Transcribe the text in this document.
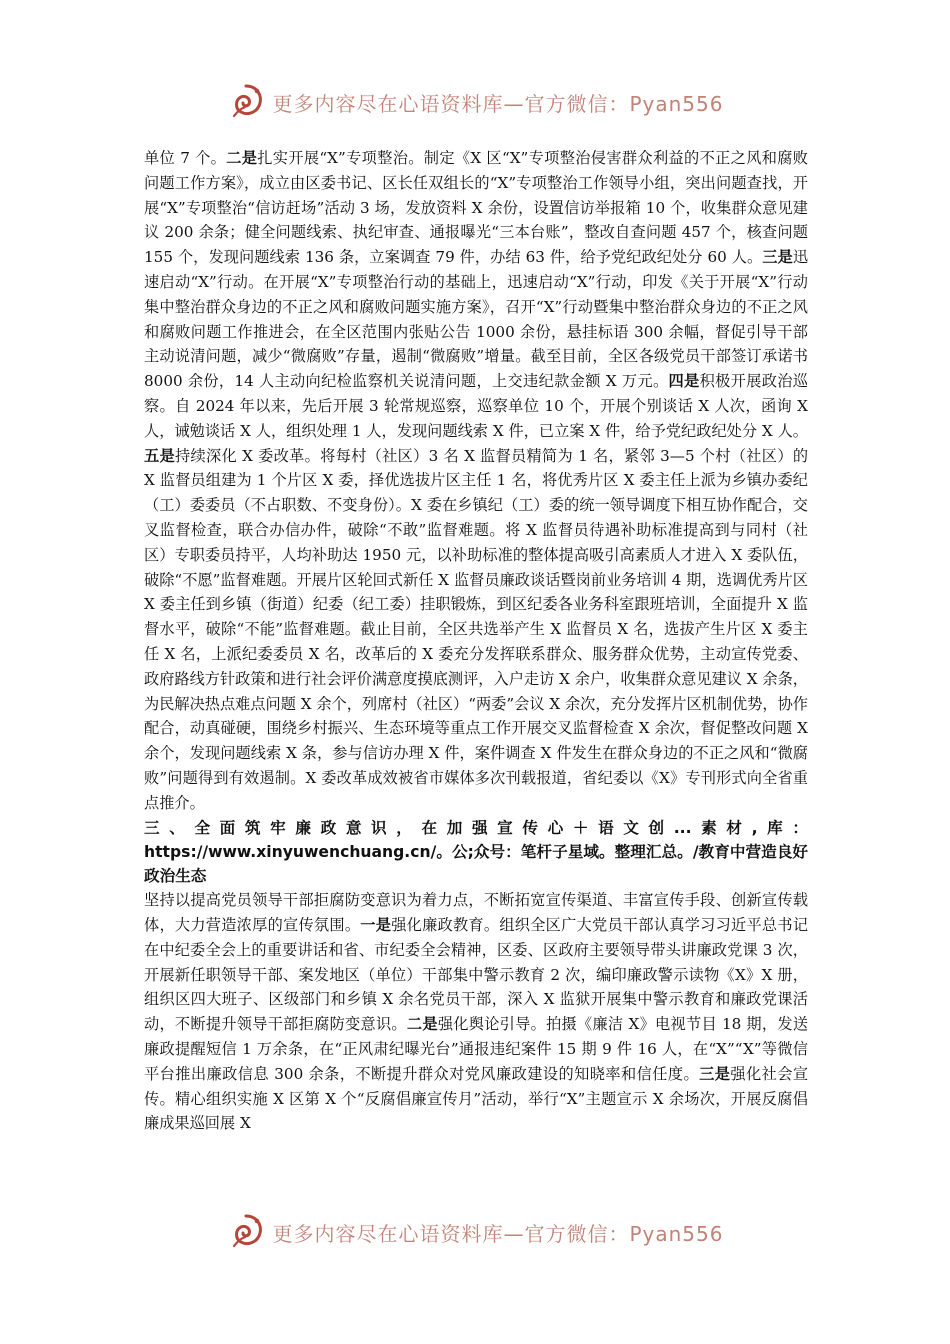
更多内容尽在心语资料库—官方微信：Pyan556

单位 7 个。二是扎实开展“X”专项整治。制定《X 区“X”专项整治侵害群众利益的不正之风和腐败问题工作方案》，成立由区委书记、区长任双组长的“X”专项整治工作领导小组，突出问题查找，开展“X”专项整治“信访赶场”活动 3 场，发放资料 X 余份，设置信访举报箱 10 个，收集群众意见建议 200 余条；健全问题线索、执纪审查、通报曝光“三本台账”，整改自查问题 457 个，核查问题 155 个，发现问题线索 136 条，立案调查 79 件，办结 63 件，给予党纪政纪处分 60 人。三是迅速启动“X”行动。在开展“X”专项整治行动的基础上，迅速启动“X”行动，印发《关于开展“X”行动集中整治群众身边的不正之风和腐败问题实施方案》，召开“X”行动暨集中整治群众身边的不正之风和腐败问题工作推进会，在全区范围内张贴公告 1000 余份，悬挂标语 300 余幅，督促引导干部主动说清问题，减少“微腐败”存量，遏制“微腐败”增量。截至目前，全区各级党员干部签订承诺书 8000 余份，14 人主动向纪检监察机关说清问题，上交违纪款金额 X 万元。四是积极开展政治巡察。自 2024 年以来，先后开展 3 轮常规巡察，巡察单位 10 个，开展个别谈话 X 人次，函询 X 人，诫勉谈话 X 人，组织处理 1 人，发现问题线索 X 件，已立案 X 件，给予党纪政纪处分 X 人。五是持续深化 X 委改革。将每村（社区）3 名 X 监督员精简为 1 名，紧邻 3—5 个村（社区）的 X 监督员组建为 1 个片区 X 委，择优选拔片区主任 1 名，将优秀片区 X 委主任上派为乡镇办委纪（工）委委员（不占职数、不变身份）。X 委在乡镇纪（工）委的统一领导调度下相互协作配合，交叉监督检查，联合办信办件，破除“不敢”监督难题。将 X 监督员待遇补助标准提高到与同村（社区）专职委员持平，人均补助达 1950 元，以补助标准的整体提高吸引高素质人才进入 X 委队伍，破除“不愿”监督难题。开展片区轮回式新任 X 监督员廉政谈话暨岗前业务培训 4 期，选调优秀片区 X 委主任到乡镇（街道）纪委（纪工委）挂职锻炼，到区纪委各业务科室跟班培训，全面提升 X 监督水平，破除“不能”监督难题。截止目前，全区共选举产生 X 监督员 X 名，选拔产生片区 X 委主任 X 名，上派纪委委员 X 名，改革后的 X 委充分发挥联系群众、服务群众优势，主动宣传党委、政府路线方针政策和进行社会评价满意度摸底测评，入户走访 X 余户，收集群众意见建议 X 余条，为民解决热点难点问题 X 余个，列席村（社区）“两委”会议 X 余次，充分发挥片区机制优势，协作配合，动真碰硬，围绕乡村振兴、生态环境等重点工作开展交叉监督检查 X 余次，督促整改问题 X 余个，发现问题线索 X 条，参与信访办理 X 件，案件调查 X 件发生在群众身边的不正之风和“微腐败”问题得到有效遏制。X 委改革成效被省市媒体多次刊载报道，省纪委以《X》专刊形式向全省重点推介。

三、全面筑牢廉政意识，在加强宣传心＋语文创...素材,库：https://www.xinyuwenchuang.cn/。公;众号：笔杆子星域。整理汇总。/教育中营造良好政治生态

坚持以提高党员领导干部拒腐防变意识为着力点，不断拓宽宣传渠道、丰富宣传手段、创新宣传载体，大力营造浓厚的宣传氛围。一是强化廉政教育。组织全区广大党员干部认真学习习近平总书记在中纪委全会上的重要讲话和省、市纪委全会精神，区委、区政府主要领导带头讲廉政党课 3 次，开展新任职领导干部、案发地区（单位）干部集中警示教育 2 次，编印廉政警示读物《X》X 册，组织区四大班子、区级部门和乡镇 X 余名党员干部，深入 X 监狱开展集中警示教育和廉政党课活动，不断提升领导干部拒腐防变意识。二是强化舆论引导。拍摄《廉洁 X》电视节目 18 期，发送廉政提醒短信 1 万余条，在“正风肃纪曝光台”通报违纪案件 15 期 9 件 16 人，在“X”“X”等微信平台推出廉政信息 300 余条，不断提升群众对党风廉政建设的知晓率和信任度。三是强化社会宣传。精心组织实施 X 区第 X 个“反腐倡廉宣传月”活动，举行“X”主题宣示 X 余场次，开展反腐倡廉成果巡回展 X

更多内容尽在心语资料库—官方微信：Pyan556
